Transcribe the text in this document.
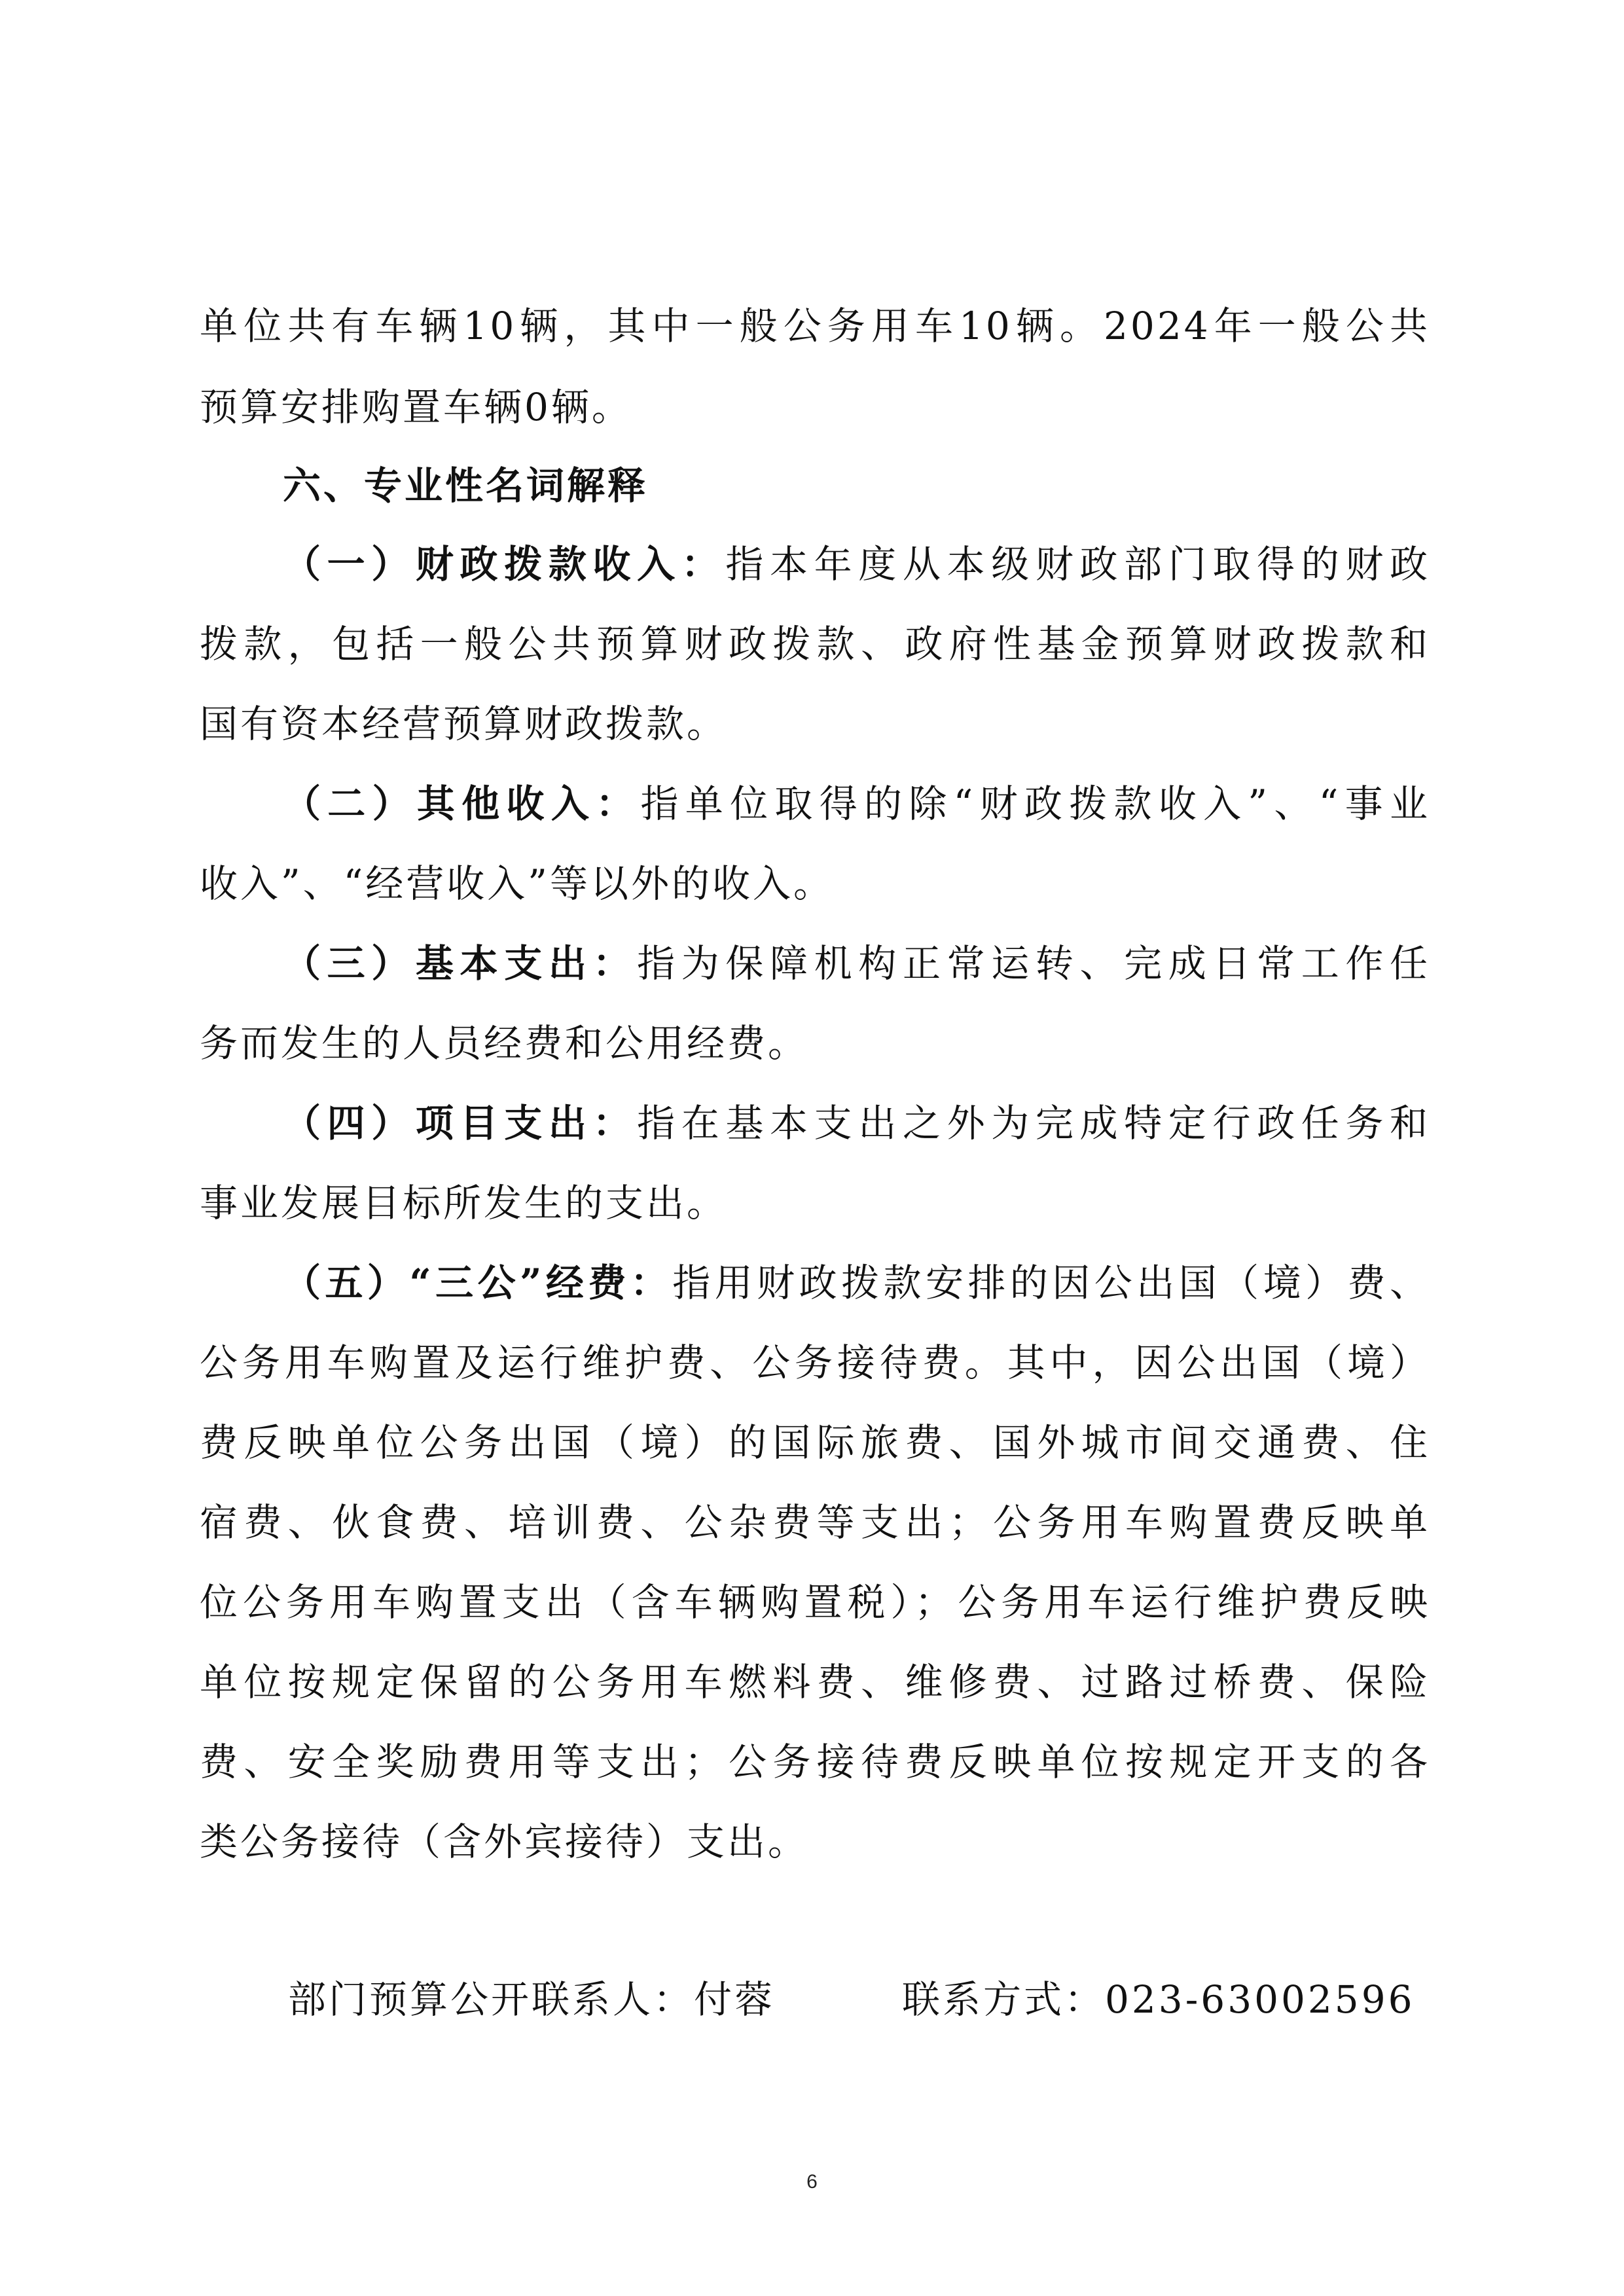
单位共有车辆10辆，其中一般公务用车10辆。2024年一般公共
预算安排购置车辆0辆。
六、专业性名词解释
（一）财政拨款收入：指本年度从本级财政部门取得的财政
拨款，包括一般公共预算财政拨款、政府性基金预算财政拨款和
国有资本经营预算财政拨款。
（二）其他收入：指单位取得的除“财政拨款收入”、“事业
收入”、“经营收入”等以外的收入。
（三）基本支出：指为保障机构正常运转、完成日常工作任
务而发生的人员经费和公用经费。
（四）项目支出：指在基本支出之外为完成特定行政任务和
事业发展目标所发生的支出。
（五）“三公”经费：指用财政拨款安排的因公出国（境）费、
公务用车购置及运行维护费、公务接待费。其中，因公出国（境）
费反映单位公务出国（境）的国际旅费、国外城市间交通费、住
宿费、伙食费、培训费、公杂费等支出；公务用车购置费反映单
位公务用车购置支出（含车辆购置税）；公务用车运行维护费反映
单位按规定保留的公务用车燃料费、维修费、过路过桥费、保险
费、安全奖励费用等支出；公务接待费反映单位按规定开支的各
类公务接待（含外宾接待）支出。
部门预算公开联系人：付蓉	联系方式：023-63002596
6
